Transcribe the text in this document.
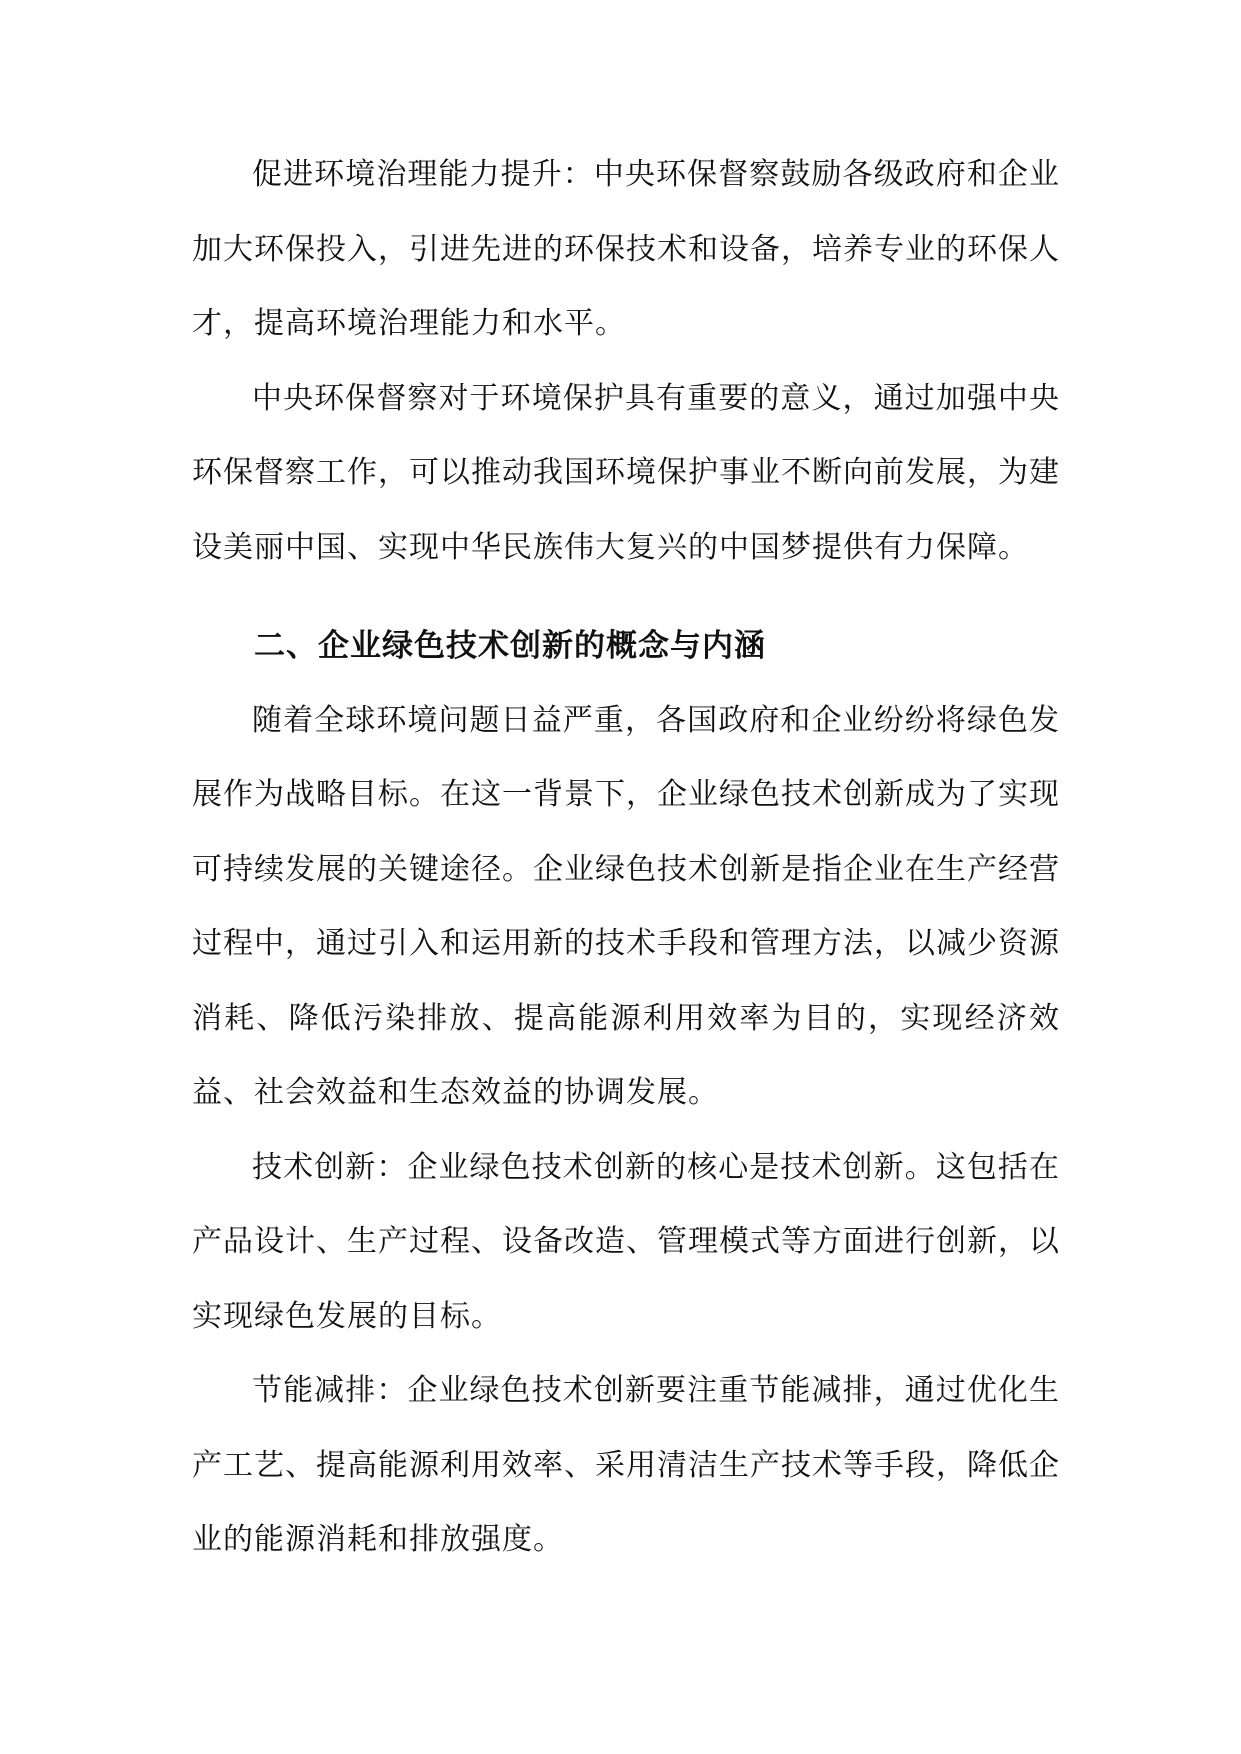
促进环境治理能力提升：中央环保督察鼓励各级政府和企业加大环保投入，引进先进的环保技术和设备，培养专业的环保人才，提高环境治理能力和水平。

中央环保督察对于环境保护具有重要的意义，通过加强中央环保督察工作，可以推动我国环境保护事业不断向前发展，为建设美丽中国、实现中华民族伟大复兴的中国梦提供有力保障。

二、企业绿色技术创新的概念与内涵

随着全球环境问题日益严重，各国政府和企业纷纷将绿色发展作为战略目标。在这一背景下，企业绿色技术创新成为了实现可持续发展的关键途径。企业绿色技术创新是指企业在生产经营过程中，通过引入和运用新的技术手段和管理方法，以减少资源消耗、降低污染排放、提高能源利用效率为目的，实现经济效益、社会效益和生态效益的协调发展。

技术创新：企业绿色技术创新的核心是技术创新。这包括在产品设计、生产过程、设备改造、管理模式等方面进行创新，以实现绿色发展的目标。

节能减排：企业绿色技术创新要注重节能减排，通过优化生产工艺、提高能源利用效率、采用清洁生产技术等手段，降低企业的能源消耗和排放强度。
